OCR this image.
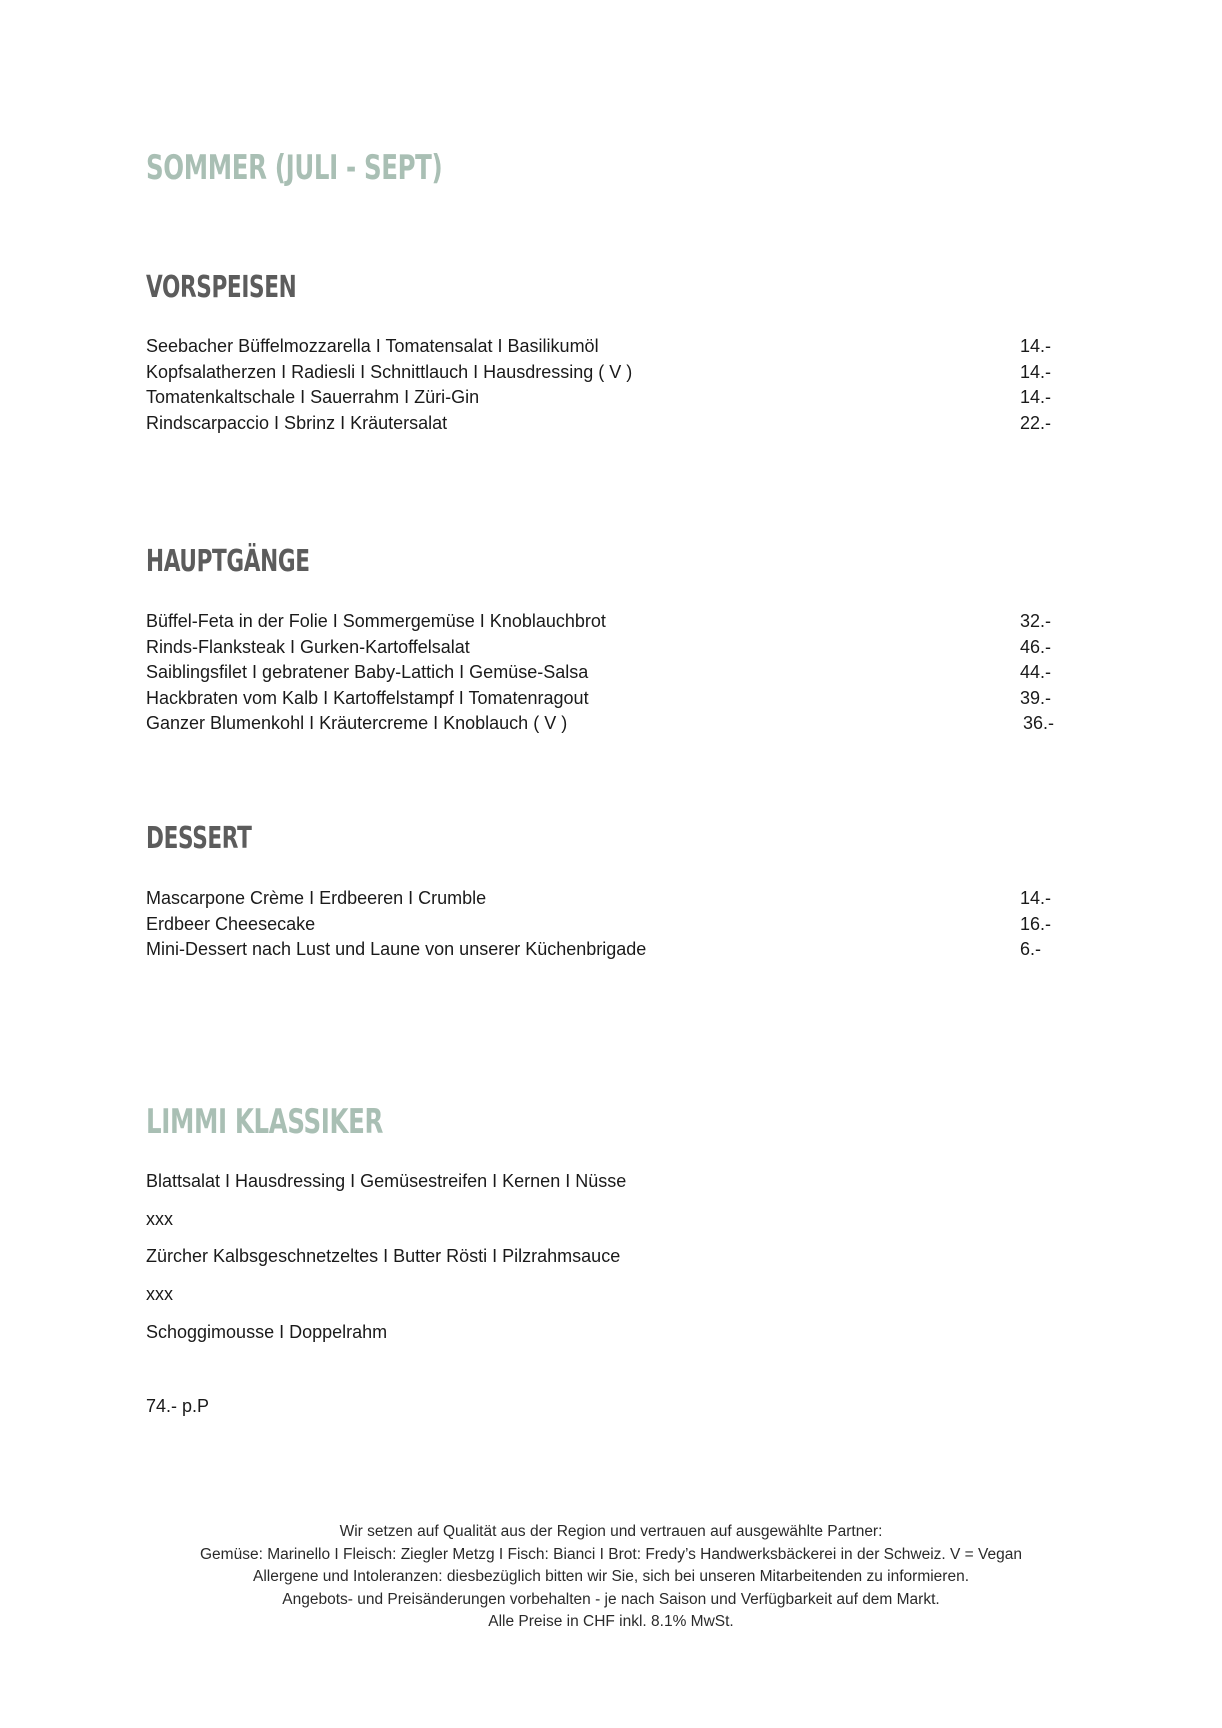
SOMMER (JULI - SEPT)
VORSPEISEN
Seebacher Büffelmozzarella I Tomatensalat I Basilikumöl	14.-
Kopfsalatherzen I Radiesli I Schnittlauch I Hausdressing ( V )	14.-
Tomatenkaltschale I Sauerrahm I Züri-Gin	14.-
Rindscarpaccio I Sbrinz I Kräutersalat	22.-
HAUPTGÄNGE
Büffel-Feta in der Folie I Sommergemüse I Knoblauchbrot	32.-
Rinds-Flanksteak I Gurken-Kartoffelsalat	46.-
Saiblingsfilet I gebratener Baby-Lattich I Gemüse-Salsa	44.-
Hackbraten vom Kalb I Kartoffelstampf I Tomatenragout	39.-
Ganzer Blumenkohl I Kräutercreme I Knoblauch ( V )	36.-
DESSERT
Mascarpone Crème I Erdbeeren I Crumble	14.-
Erdbeer Cheesecake	16.-
Mini-Dessert nach Lust und Laune von unserer Küchenbrigade	6.-
LIMMI KLASSIKER
Blattsalat I Hausdressing I Gemüsestreifen I Kernen I Nüsse
xxx
Zürcher Kalbsgeschnetzeltes I Butter Rösti I Pilzrahmsauce
xxx
Schoggimousse I Doppelrahm
74.- p.P
Wir setzen auf Qualität aus der Region und vertrauen auf ausgewählte Partner:
Gemüse: Marinello I Fleisch: Ziegler Metzg I Fisch: Bianci I Brot: Fredy’s Handwerksbäckerei in der Schweiz. V = Vegan
Allergene und Intoleranzen: diesbezüglich bitten wir Sie, sich bei unseren Mitarbeitenden zu informieren.
Angebots- und Preisänderungen vorbehalten - je nach Saison und Verfügbarkeit auf dem Markt.
Alle Preise in CHF inkl. 8.1% MwSt.
